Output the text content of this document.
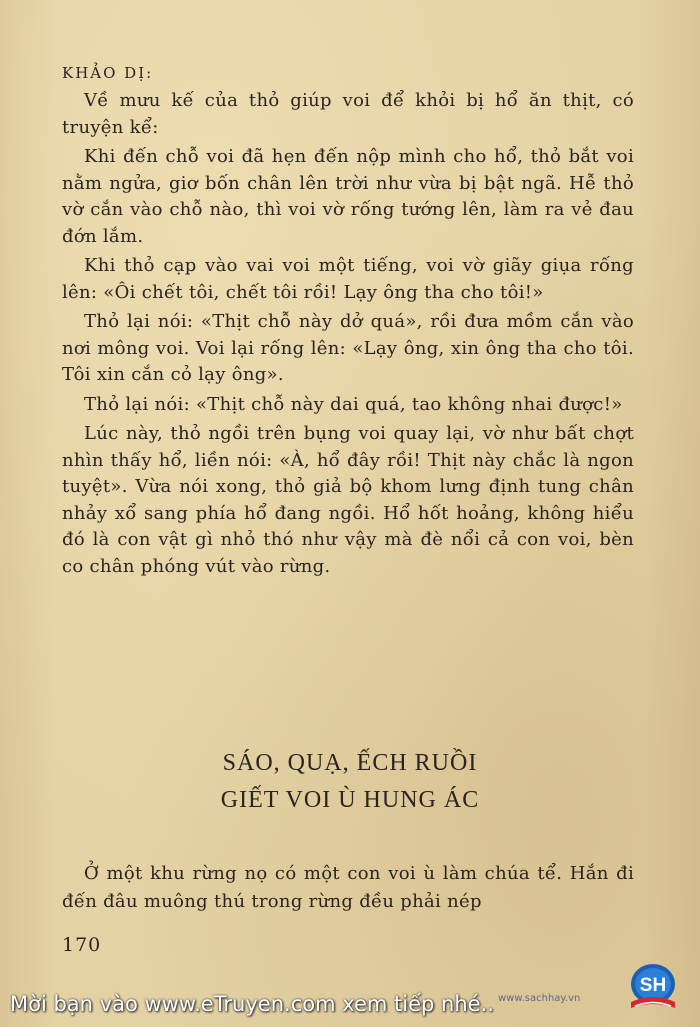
KHẢO DỊ:

Về mưu kế của thỏ giúp voi để khỏi bị hổ ăn thịt, có truyện kể:

Khi đến chỗ voi đã hẹn đến nộp mình cho hổ, thỏ bắt voi nằm ngửa, giơ bốn chân lên trời như vừa bị bật ngã. Hễ thỏ vờ cắn vào chỗ nào, thì voi vờ rống tướng lên, làm ra vẻ đau đớn lắm.

Khi thỏ cạp vào vai voi một tiếng, voi vờ giãy giụa rống lên: «Ôi chết tôi, chết tôi rồi! Lạy ông tha cho tôi!»

Thỏ lại nói: «Thịt chỗ này dở quá», rồi đưa mồm cắn vào nơi mông voi. Voi lại rống lên: «Lạy ông, xin ông tha cho tôi. Tôi xin cắn cỏ lạy ông».

Thỏ lại nói: «Thịt chỗ này dai quá, tao không nhai được!»

Lúc này, thỏ ngồi trên bụng voi quay lại, vờ như bất chợt nhìn thấy hổ, liền nói: «À, hổ đây rồi! Thịt này chắc là ngon tuyệt». Vừa nói xong, thỏ giả bộ khom lưng định tung chân nhảy xổ sang phía hổ đang ngồi. Hổ hốt hoảng, không hiểu đó là con vật gì nhỏ thó như vậy mà đè nổi cả con voi, bèn co chân phóng vút vào rừng.

SÁO, QUẠ, ẾCH RUỒI

GIẾT VOI Ù HUNG ÁC

Ở một khu rừng nọ có một con voi ù làm chúa tể. Hắn đi đến đâu muông thú trong rừng đều phải nép

170
Mời bạn vào www.eTruyen.com xem tiếp nhé.. www.sachhay.vn
SH
